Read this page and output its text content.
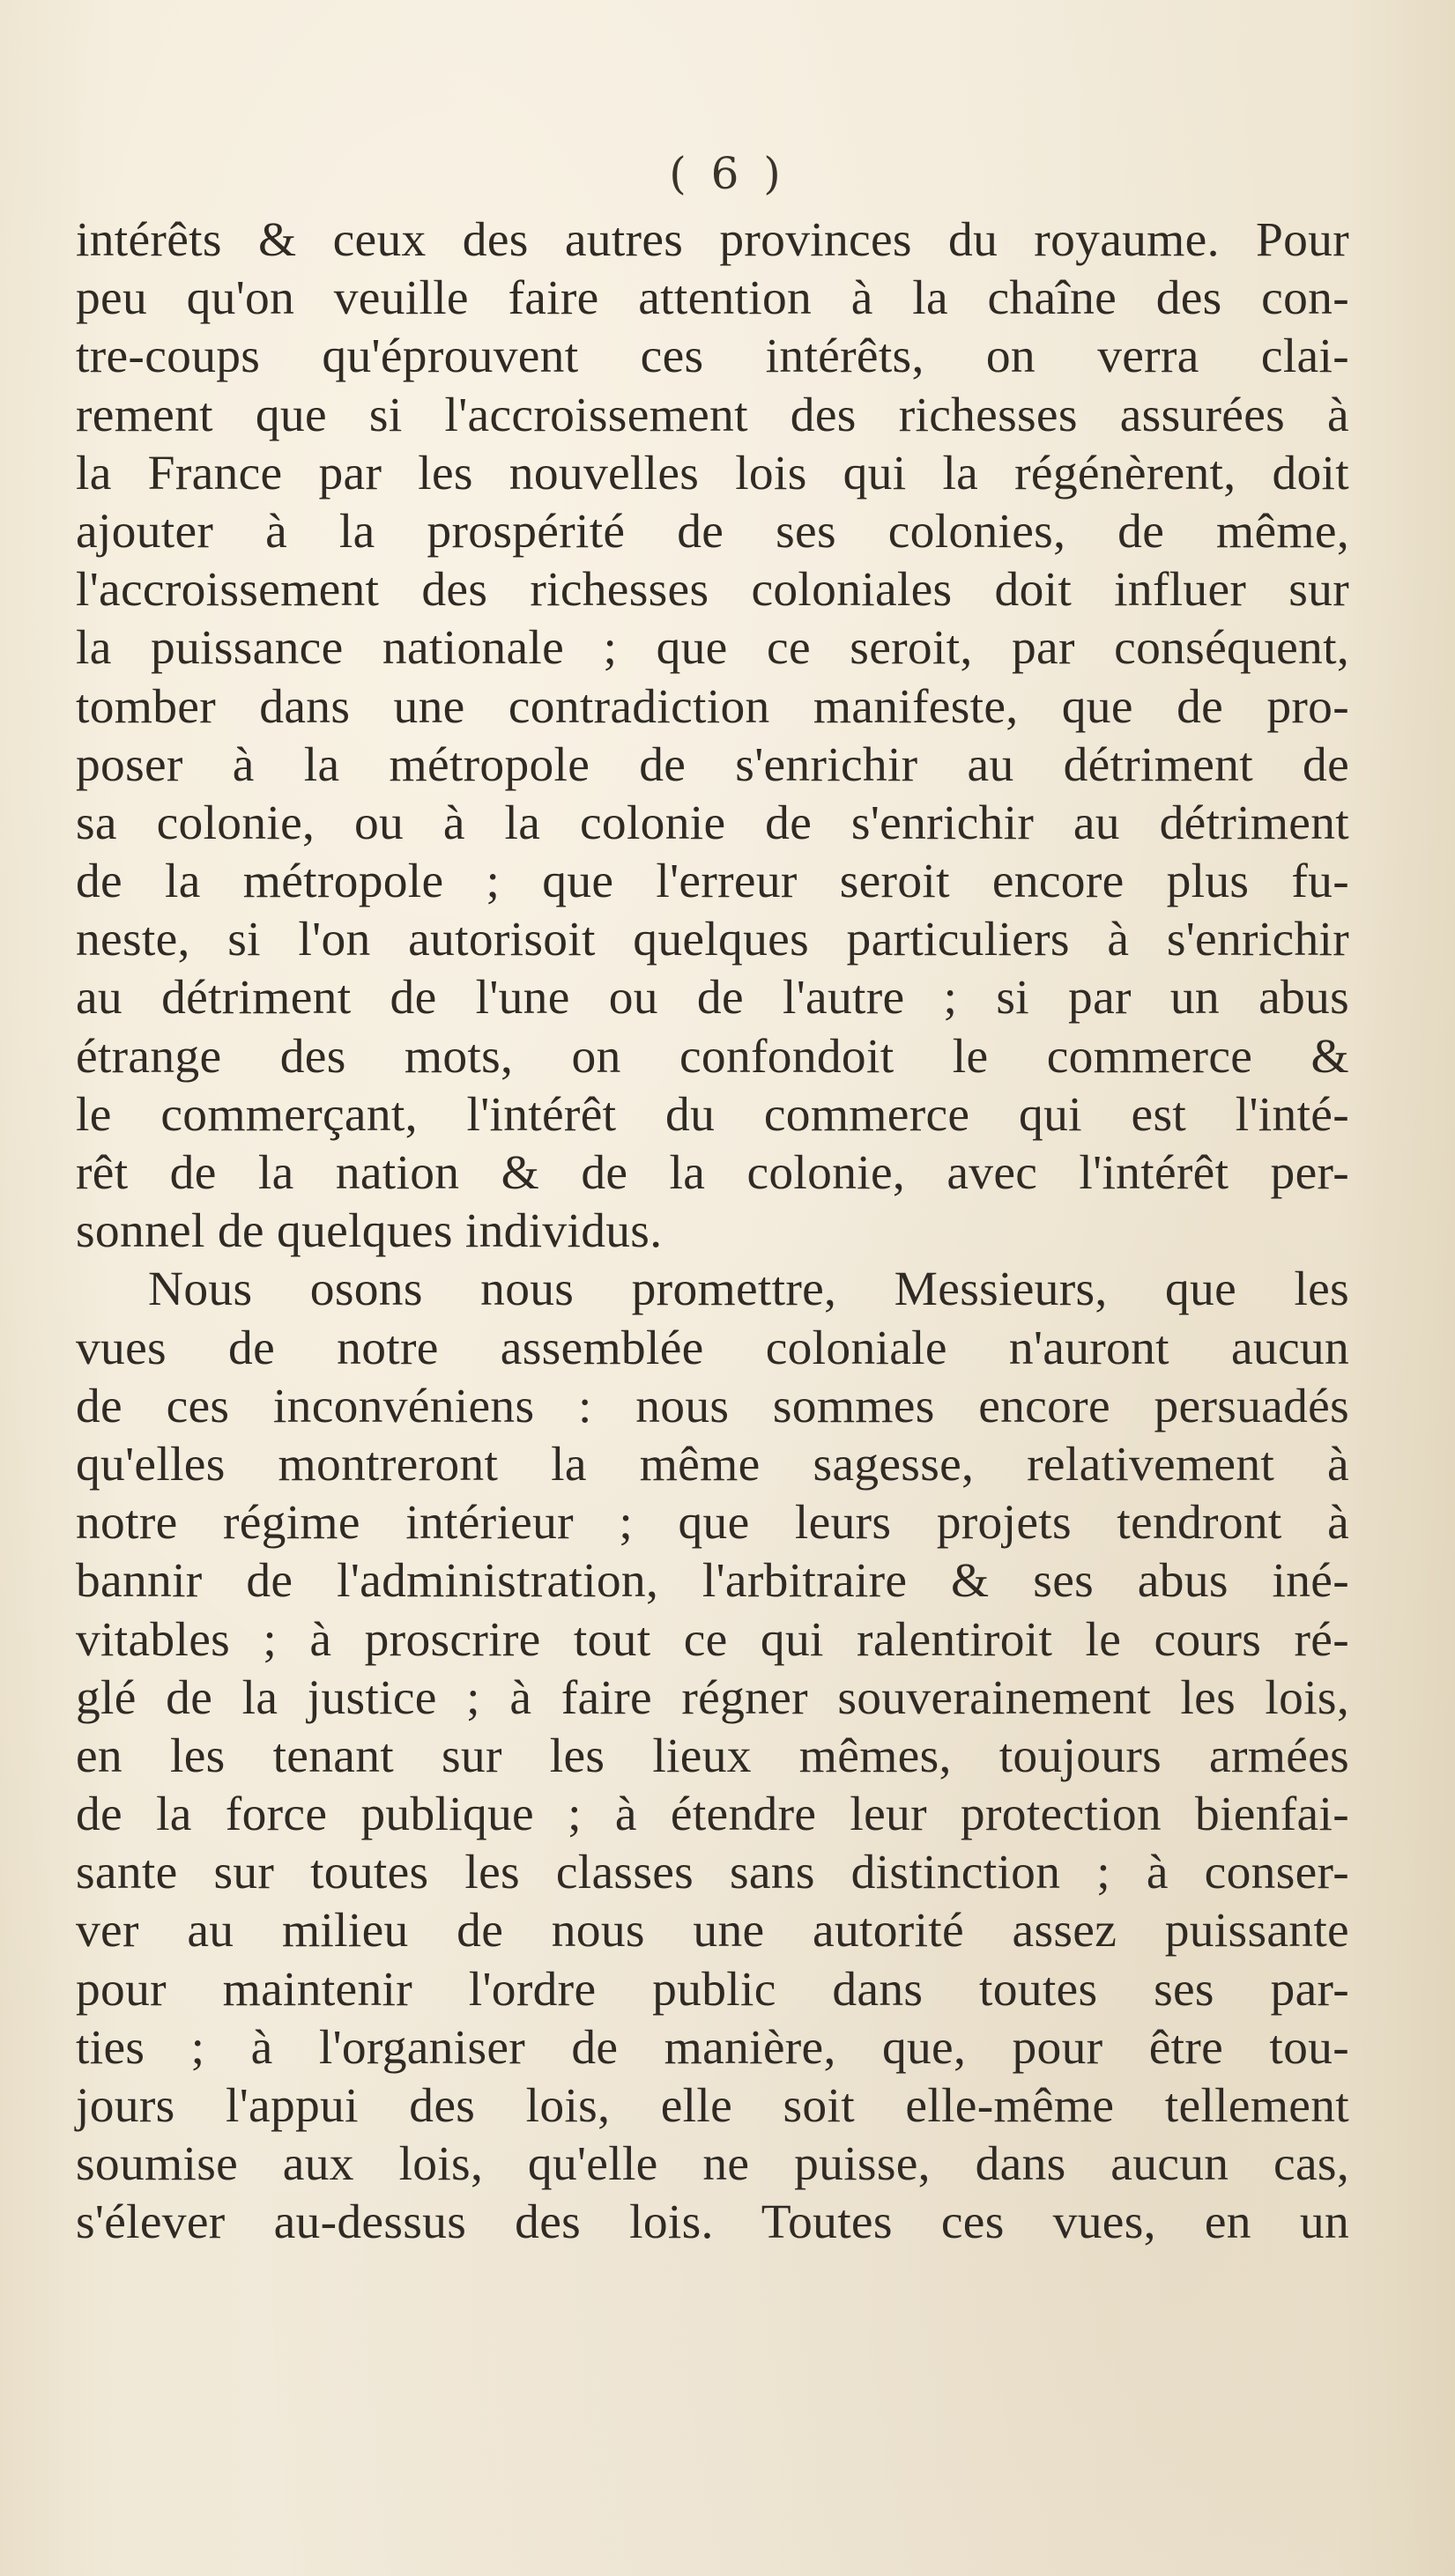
( 6 )
intérêts & ceux des autres provinces du royaume. Pour
peu qu'on veuille faire attention à la chaîne des con-
tre-coups qu'éprouvent ces intérêts, on verra clai-
rement que si l'accroissement des richesses assurées à
la France par les nouvelles lois qui la régénèrent, doit
ajouter à la prospérité de ses colonies, de même,
l'accroissement des richesses coloniales doit influer sur
la puissance nationale ; que ce seroit, par conséquent,
tomber dans une contradiction manifeste, que de pro-
poser à la métropole de s'enrichir au détriment de
sa colonie, ou à la colonie de s'enrichir au détriment
de la métropole ; que l'erreur seroit encore plus fu-
neste, si l'on autorisoit quelques particuliers à s'enrichir
au détriment de l'une ou de l'autre ; si par un abus
étrange des mots, on confondoit le commerce &
le commerçant, l'intérêt du commerce qui est l'inté-
rêt de la nation & de la colonie, avec l'intérêt per-
sonnel de quelques individus.
Nous osons nous promettre, Messieurs, que les
vues de notre assemblée coloniale n'auront aucun
de ces inconvéniens : nous sommes encore persuadés
qu'elles montreront la même sagesse, relativement à
notre régime intérieur ; que leurs projets tendront à
bannir de l'administration, l'arbitraire & ses abus iné-
vitables ; à proscrire tout ce qui ralentiroit le cours ré-
glé de la justice ; à faire régner souverainement les lois,
en les tenant sur les lieux mêmes, toujours armées
de la force publique ; à étendre leur protection bienfai-
sante sur toutes les classes sans distinction ; à conser-
ver au milieu de nous une autorité assez puissante
pour maintenir l'ordre public dans toutes ses par-
ties ; à l'organiser de manière, que, pour être tou-
jours l'appui des lois, elle soit elle-même tellement
soumise aux lois, qu'elle ne puisse, dans aucun cas,
s'élever au-dessus des lois. Toutes ces vues, en un
